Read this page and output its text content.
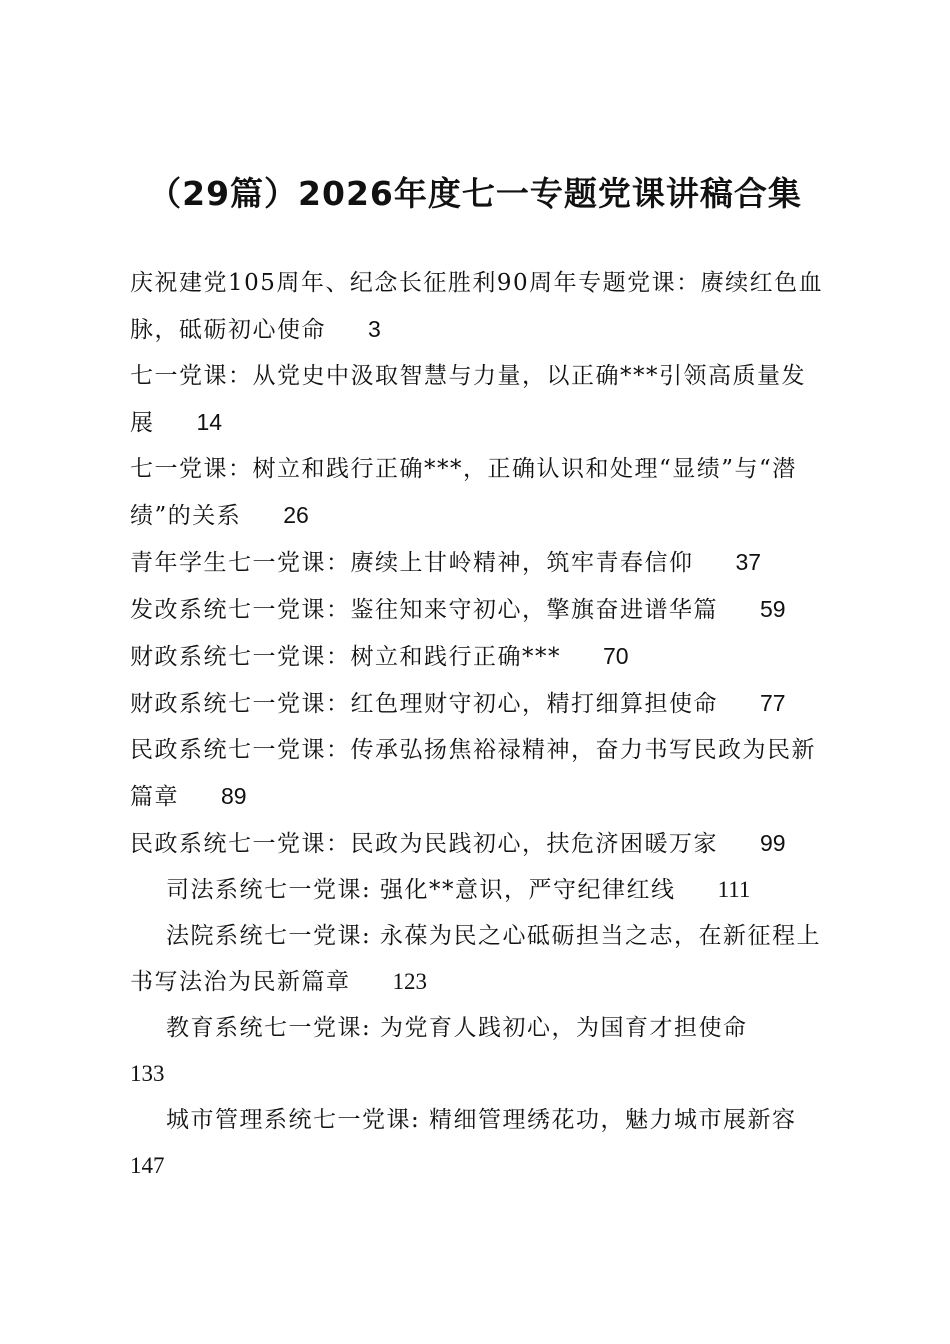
（29篇）2026年度七一专题党课讲稿合集

庆祝建党105周年、纪念长征胜利90周年专题党课：赓续红色血脉，砥砺初心使命 3

七一党课：从党史中汲取智慧与力量，以正确***引领高质量发展 14

七一党课：树立和践行正确***，正确认识和处理“显绩”与“潜绩”的关系 26

青年学生七一党课：赓续上甘岭精神，筑牢青春信仰 37

发改系统七一党课：鉴往知来守初心，擎旗奋进谱华篇 59

财政系统七一党课：树立和践行正确*** 70

财政系统七一党课：红色理财守初心，精打细算担使命 77

民政系统七一党课：传承弘扬焦裕禄精神，奋力书写民政为民新篇章 89

民政系统七一党课：民政为民践初心，扶危济困暖万家 99

司法系统七一党课: 强化**意识，严守纪律红线 111

法院系统七一党课: 永葆为民之心砥砺担当之志，在新征程上书写法治为民新篇章 123

教育系统七一党课: 为党育人践初心，为国育才担使命
133

城市管理系统七一党课: 精细管理绣花功，魅力城市展新容
147
